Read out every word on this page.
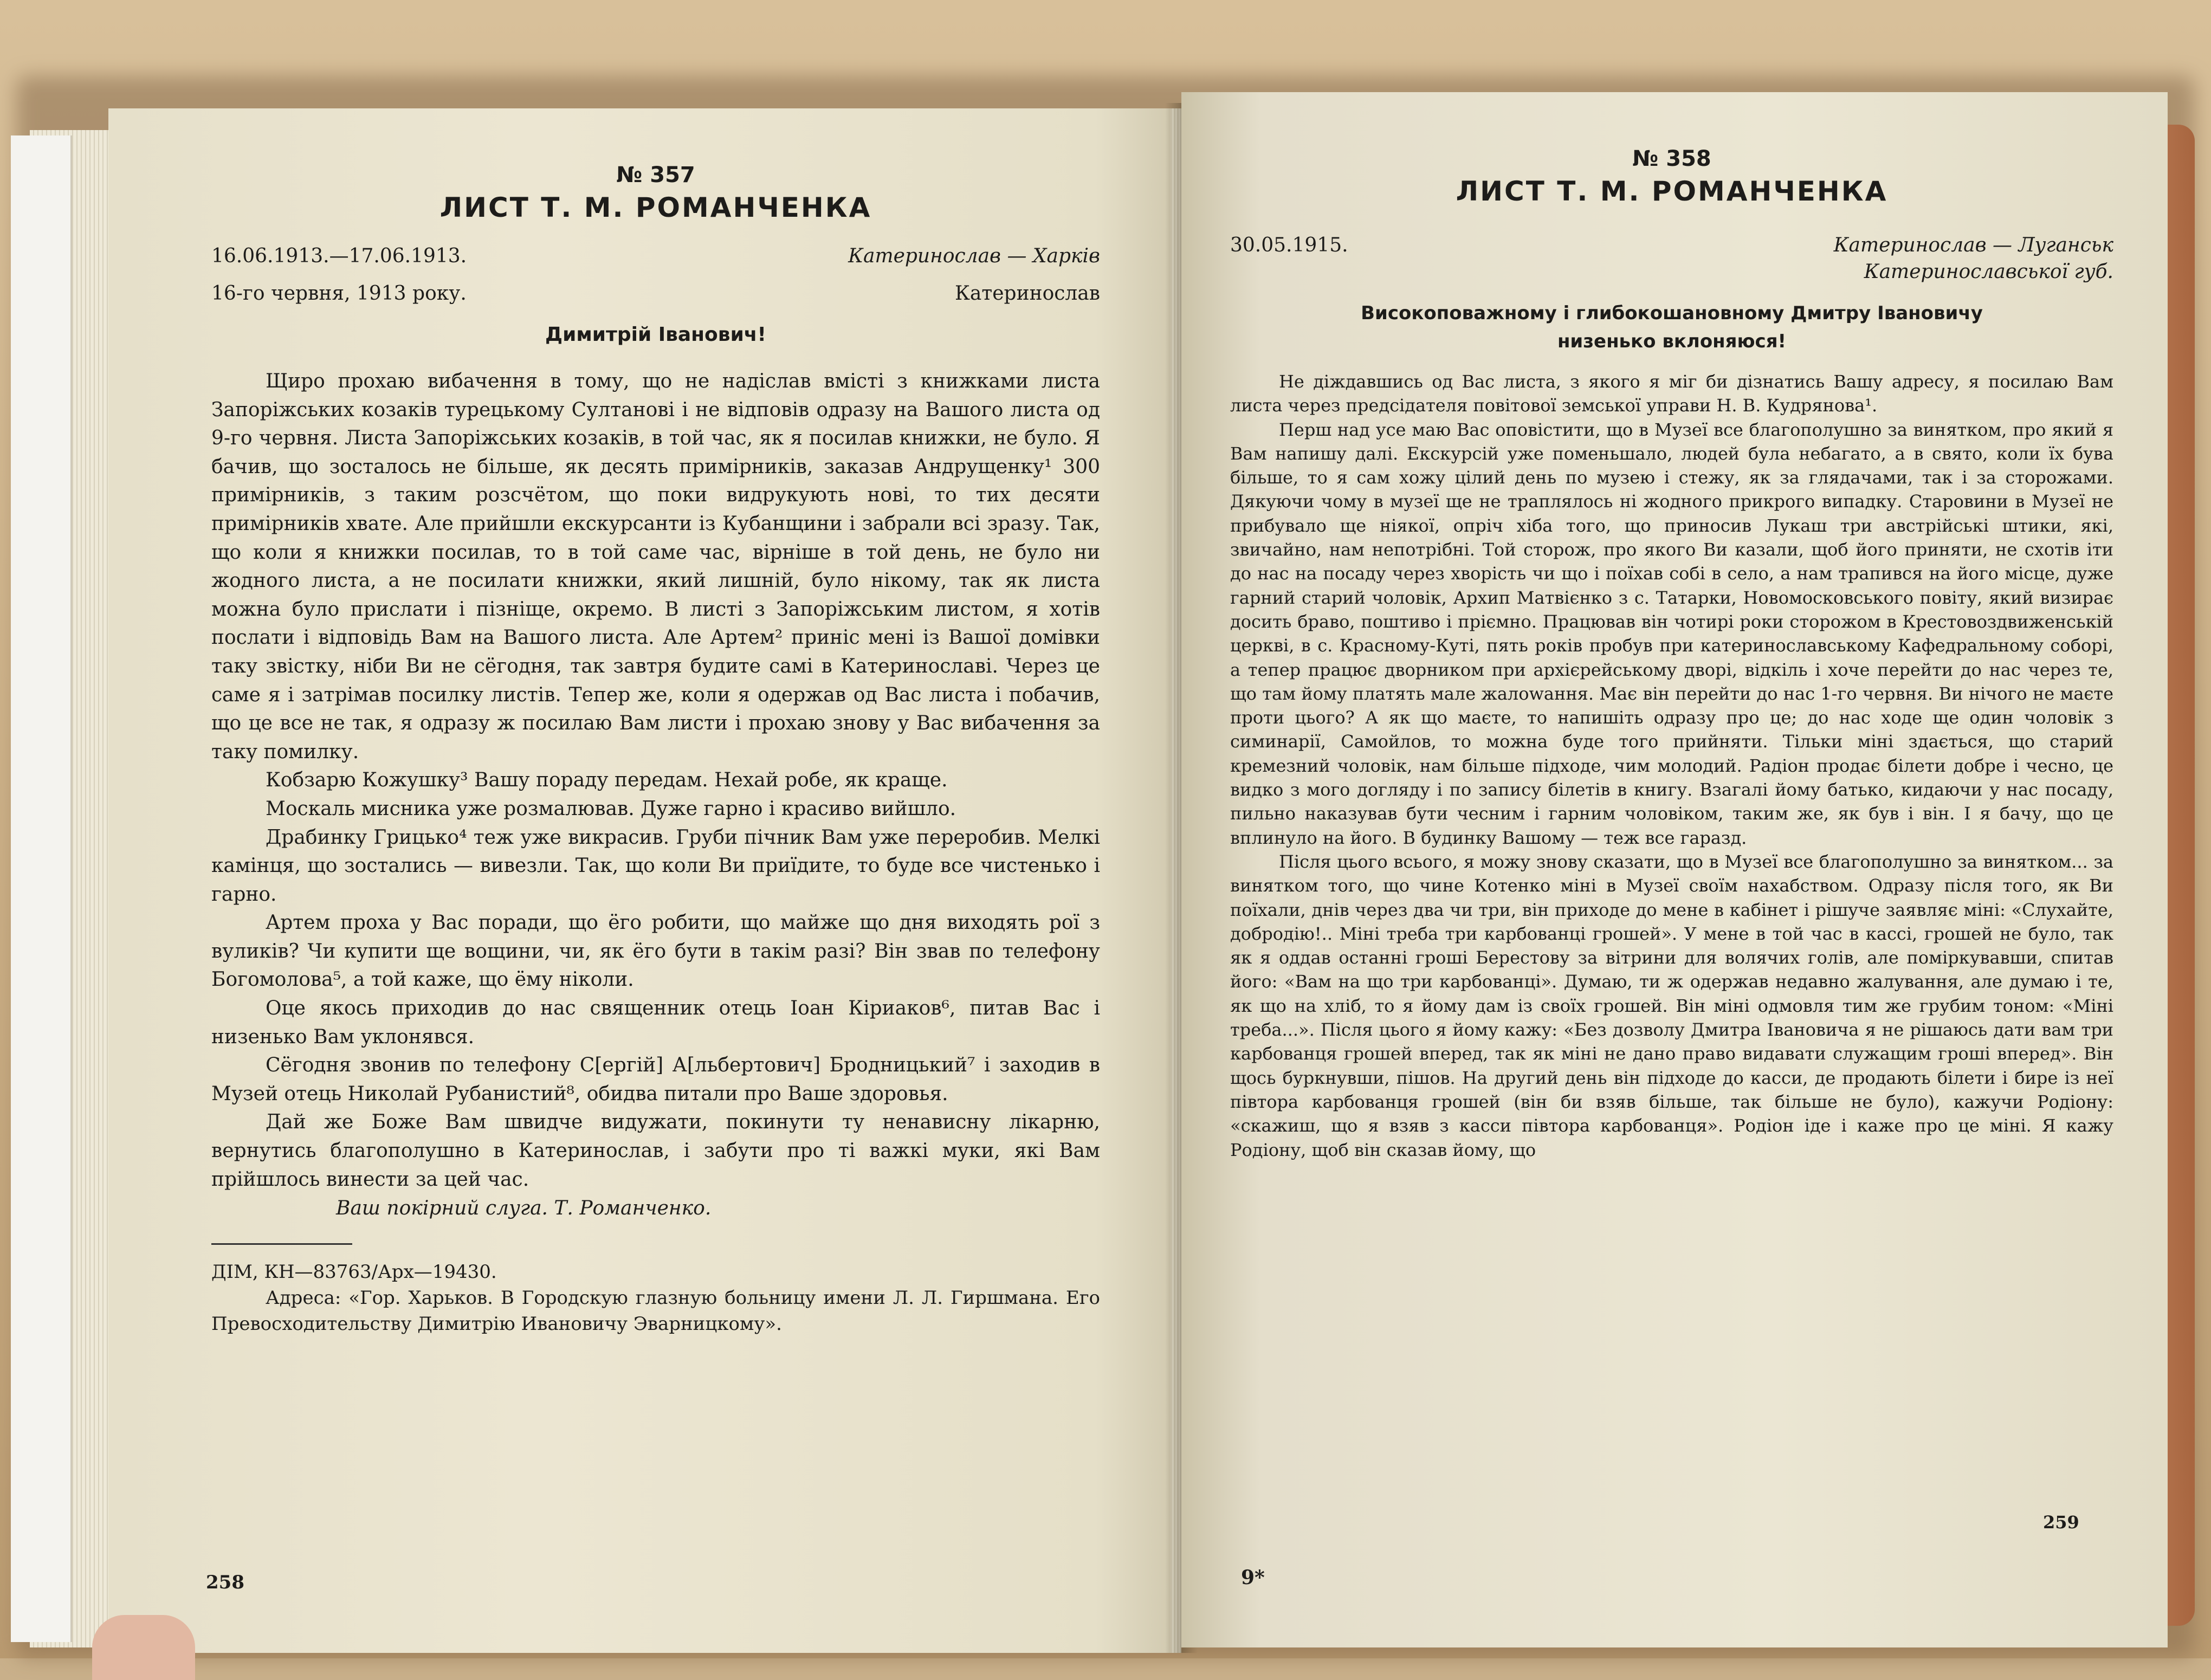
№ 357
ЛИСТ Т. М. РОМАНЧЕНКА
16.06.1913.—17.06.1913.	Катеринослав — Харків
16-го червня, 1913 року.	Катеринослав
Димитрій Іванович!

Щиро прохаю вибачення в тому, що не надіслав вмісті з книжками листа Запоріжських козаків турецькому Султанові і не відповів одразу на Вашого листа од 9-го червня. Листа Запоріжських козаків, в той час, як я посилав книжки, не було. Я бачив, що зосталось не більше, як десять примірників, заказав Андрущенку¹ 300 примірників, з таким розсчётом, що поки видрукують нові, то тих десяти примірників хвате. Але прийшли екскурсанти із Кубанщини і забрали всі зразу. Так, що коли я книжки посилав, то в той саме час, вірніше в той день, не було ни жодного листа, а не посилати книжки, який лишній, було нікому, так як листа можна було прислати і пізніще, окремо. В листі з Запоріжським листом, я хотів послати і відповідь Вам на Вашого листа. Але Артем² приніс мені із Вашої домівки таку звістку, ніби Ви не сёгодня, так завтря будите самі в Катеринославі. Через це саме я і затрімав посилку листів. Тепер же, коли я одержав од Вас листа і побачив, що це все не так, я одразу ж посилаю Вам листи і прохаю знову у Вас вибачення за таку помилку.

Кобзарю Кожушку³ Вашу пораду передам. Нехай робе, як краще.

Москаль мисника уже розмалював. Дуже гарно і красиво вийшло.

Драбинку Грицько⁴ теж уже викрасив. Груби пічник Вам уже переробив. Мелкі камінця, що зостались — вивезли. Так, що коли Ви приїдите, то буде все чистенько і гарно.

Артем проха у Вас поради, що ёго робити, що майже що дня виходять рої з вуликів? Чи купити ще вощини, чи, як ёго бути в такім разі? Він звав по телефону Богомолова⁵, а той каже, що ёму ніколи.

Оце якось приходив до нас священник отець Іоан Кіриаков⁶, питав Вас і низенько Вам уклонявся.

Сёгодня звонив по телефону С[ергій] А[льбертович] Бродницький⁷ і заходив в Музей отець Николай Рубанистий⁸, обидва питали про Ваше здоровья.

Дай же Боже Вам швидче видужати, покинути ту ненависну лікарню, вернутись благополушно в Катеринослав, і забути про ті важкі муки, які Вам прійшлось винести за цей час.

Ваш покірний слуга. Т. Романченко.
ДІМ, КН—83763/Арх—19430.

Адреса: «Гор. Харьков. В Городскую глазную больницу имени Л. Л. Гиршмана. Его Превосходительству Димитрію Ивановичу Эварницкому».

258
№ 358
ЛИСТ Т. М. РОМАНЧЕНКА
30.05.1915.	Катеринослав — Луганськ
Катеринославської губ.
Високоповажному і глибокошановному Дмитру Івановичу
низенько вклоняюся!

Не діждавшись од Вас листа, з якого я міг би дізнатись Вашу адресу, я посилаю Вам листа через предсідателя повітової земської управи Н. В. Кудрянова¹.

Перш над усе маю Вас оповістити, що в Музеї все благополушно за винятком, про який я Вам напишу далі. Екскурсій уже поменьшало, людей була небагато, а в свято, коли їх бува більше, то я сам хожу цілий день по музею і стежу, як за глядачами, так і за сторожами. Дякуючи чому в музеї ще не траплялось ні жодного прикрого випадку. Старовини в Музеї не прибувало ще ніякої, опріч хіба того, що приносив Лукаш три австрійські штики, які, звичайно, нам непотрібні. Той сторож, про якого Ви казали, щоб його приняти, не схотів іти до нас на посаду через хворість чи що і поїхав собі в село, а нам трапився на його місце, дуже гарний старий чоловік, Архип Матвієнко з с. Татарки, Новомосковського повіту, який визирає досить браво, поштиво і пріємно. Працював він чотирі роки сторожом в Крестовоздвиженській церкві, в с. Красному-Куті, пять років пробув при катеринославському Кафедральному соборі, а тепер працює дворником при архієрейському дворі, відкіль і хоче перейти до нас через те, що там йому платять мале жалowання. Має він перейти до нас 1-го червня. Ви нічого не маєте проти цього? А як що маєте, то напишіть одразу про це; до нас ходе ще один чоловік з симинарії, Самойлов, то можна буде того прийняти. Тільки міні здається, що старий кремезний чоловік, нам більше підходе, чим молодий. Радіон продає білети добре і чесно, це видко з мого догляду і по запису білетів в книгу. Взагалі йому батько, кидаючи у нас посаду, пильно наказував бути чесним і гарним чоловіком, таким же, як був і він. І я бачу, що це вплинуло на його. В будинку Вашому — теж все гаразд.

Після цього всього, я можу знову сказати, що в Музеї все благополушно за винятком... за винятком того, що чине Котенко міні в Музеї своїм нахабством. Одразу після того, як Ви поїхали, днів через два чи три, він приходе до мене в кабінет і рішуче заявляє міні: «Слухайте, добродію!.. Міні треба три карбованці грошей». У мене в той час в кассі, грошей не було, так як я оддав останні гроші Берестову за вітрини для волячих голів, але поміркувавши, спитав його: «Вам на що три карбованці». Думаю, ти ж одержав недавно жалування, але думаю і те, як що на хліб, то я йому дам із своїх грошей. Він міні одмовля тим же грубим тоном: «Міні треба...». Після цього я йому кажу: «Без дозволу Дмитра Івановича я не рішаюсь дати вам три карбованця грошей вперед, так як міні не дано право видавати служащим гроші вперед». Він щось буркнувши, пішов. На другий день він підходе до касси, де продають білети і бире із неї півтора карбованця грошей (він би взяв більше, так більше не було), кажучи Родіону: «скажиш, що я взяв з касси півтора карбованця». Родіон іде і каже про це міні. Я кажу Родіону, щоб він сказав йому, що

9*
259
